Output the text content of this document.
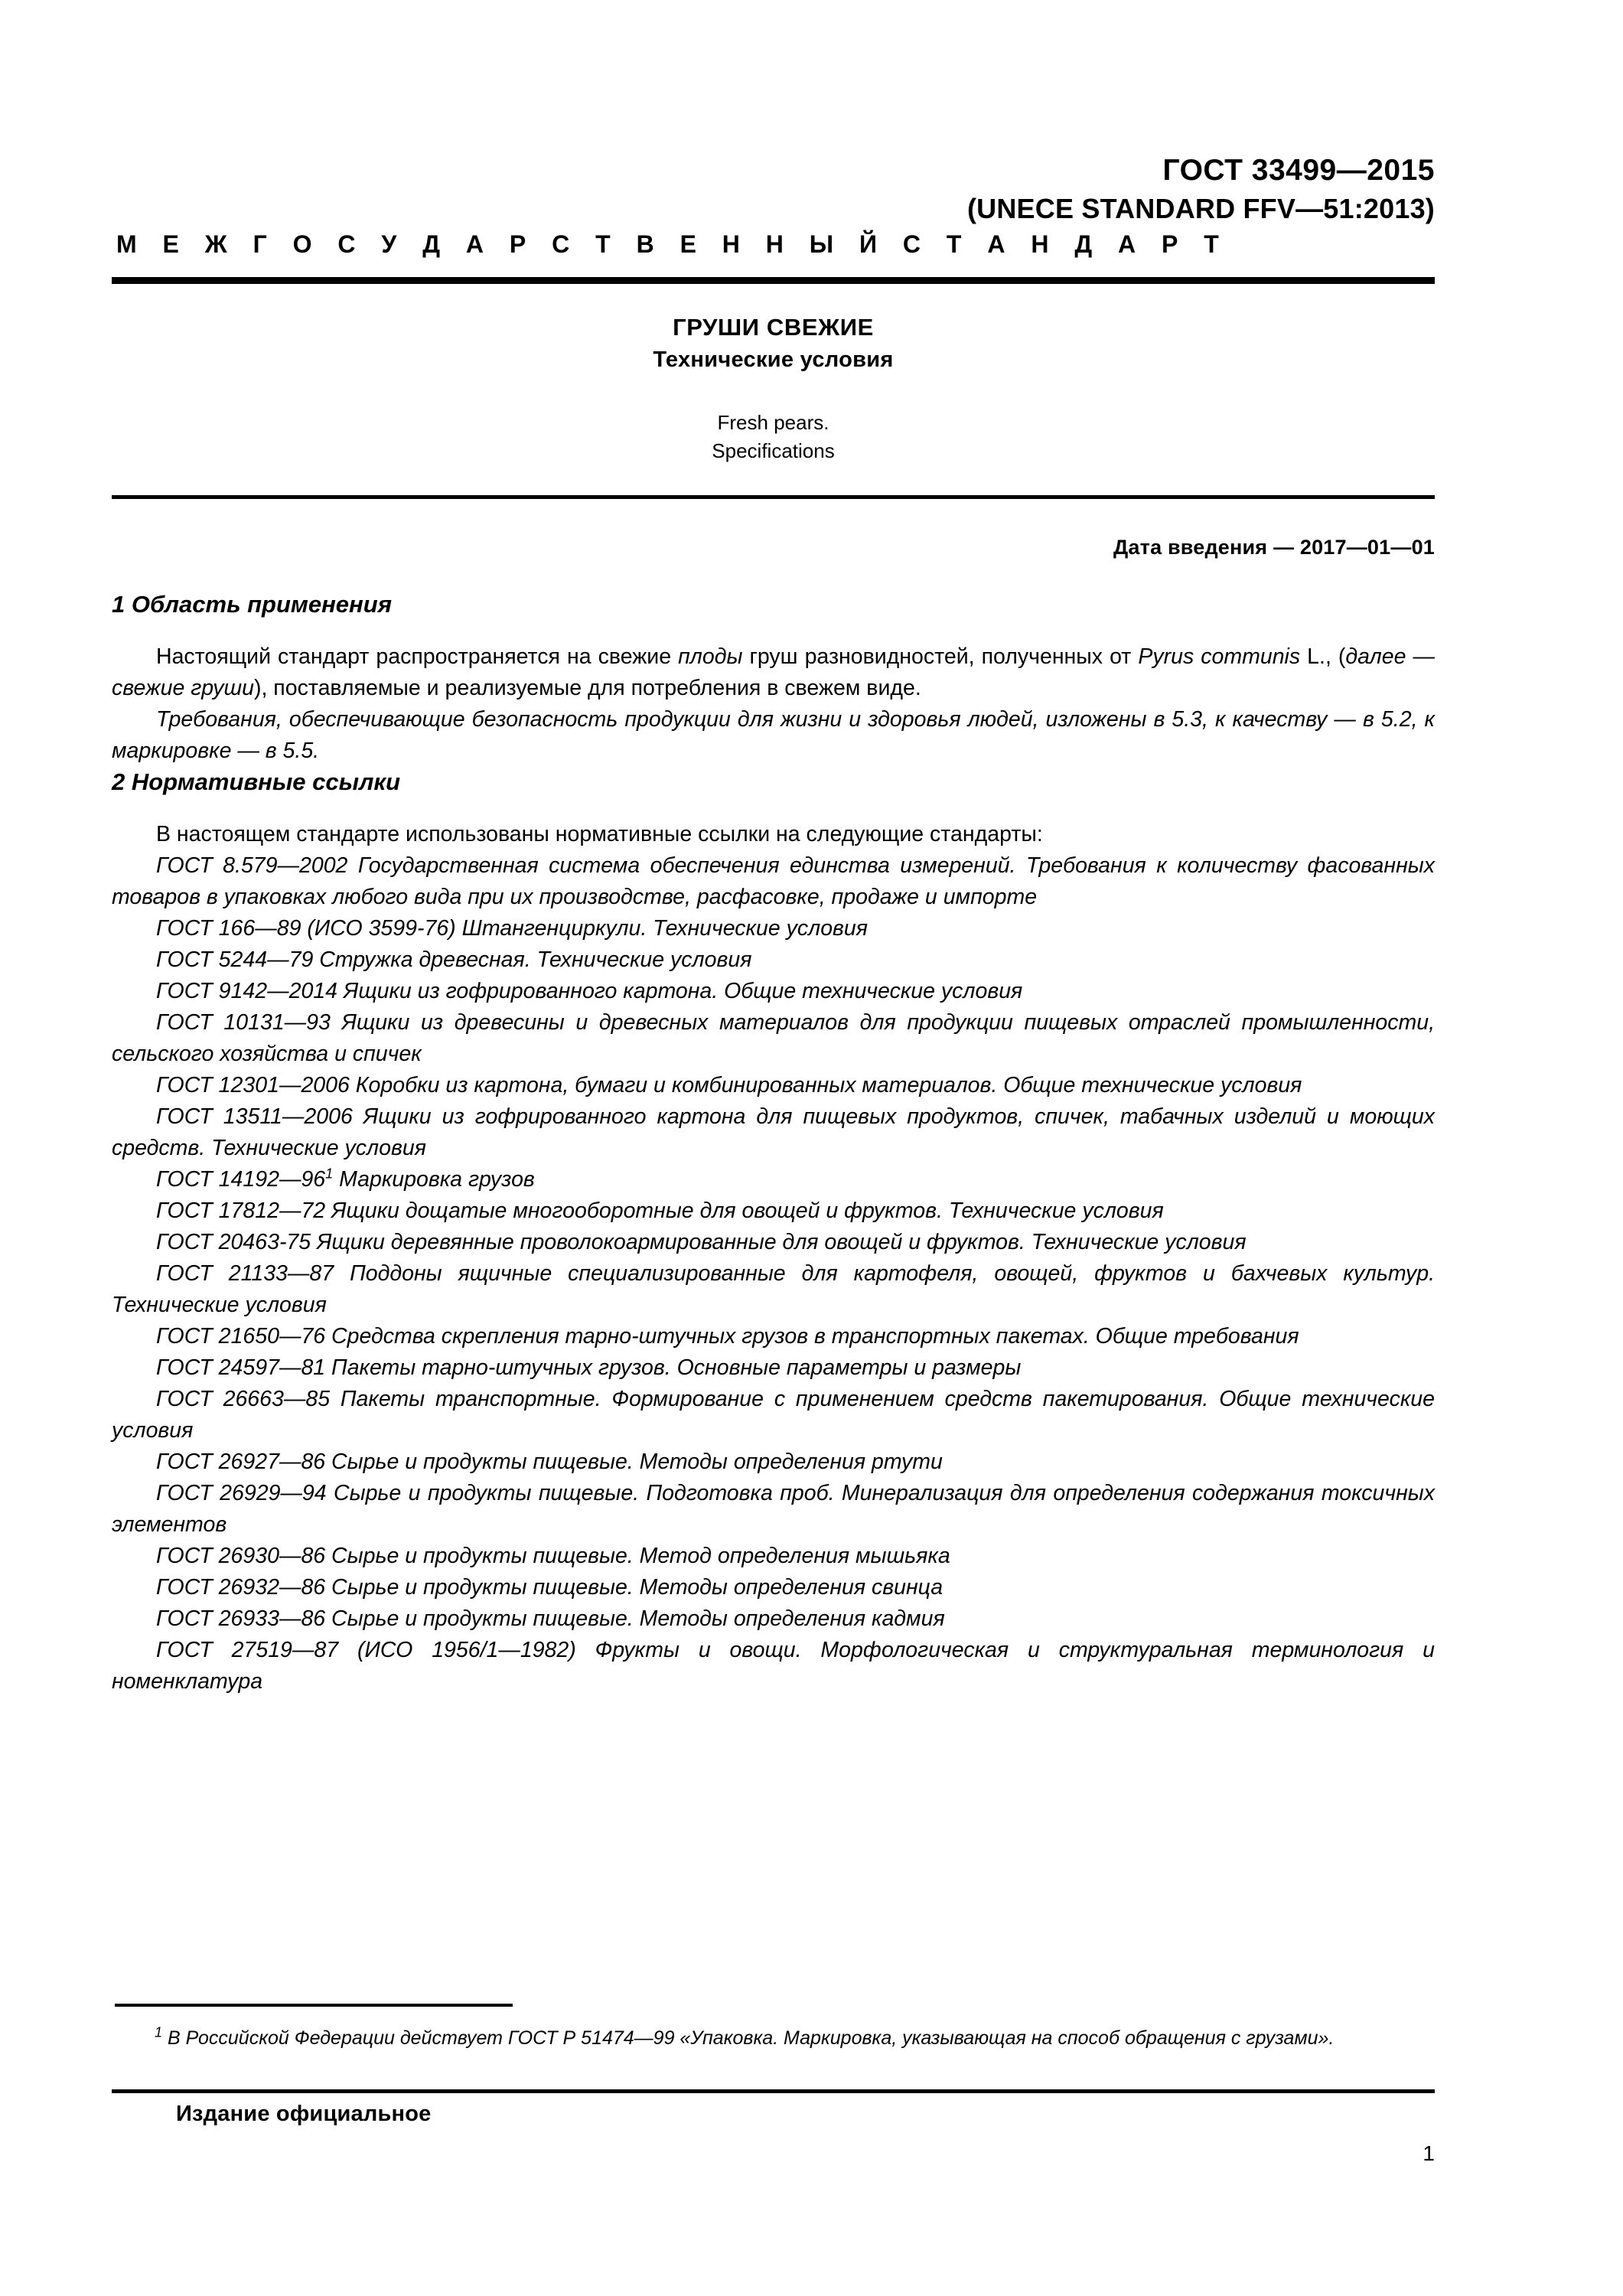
ГОСТ 33499—2015
(UNECE STANDARD FFV—51:2013)
М Е Ж Г О С У Д А Р С Т В Е Н Н Ы Й С Т А Н Д А Р Т
ГРУШИ СВЕЖИЕ
Технические условия
Fresh pears.
Specifications
Дата введения — 2017—01—01
1 Область применения

Настоящий стандарт распространяется на свежие плоды груш разновидностей, полученных от Pyrus communis L., (далее — свежие груши), поставляемые и реализуемые для потребления в свежем виде.

Требования, обеспечивающие безопасность продукции для жизни и здоровья людей, изложены в 5.3, к качеству — в 5.2, к маркировке — в 5.5.

2 Нормативные ссылки

В настоящем стандарте использованы нормативные ссылки на следующие стандарты:

ГОСТ 8.579—2002 Государственная система обеспечения единства измерений. Требования к количеству фасованных товаров в упаковках любого вида при их производстве, расфасовке, продаже и импорте

ГОСТ 166—89 (ИСО 3599-76) Штангенциркули. Технические условия

ГОСТ 5244—79 Стружка древесная. Технические условия

ГОСТ 9142—2014 Ящики из гофрированного картона. Общие технические условия

ГОСТ 10131—93 Ящики из древесины и древесных материалов для продукции пищевых отраслей промышленности, сельского хозяйства и спичек

ГОСТ 12301—2006 Коробки из картона, бумаги и комбинированных материалов. Общие технические условия

ГОСТ 13511—2006 Ящики из гофрированного картона для пищевых продуктов, спичек, табачных изделий и моющих средств. Технические условия

ГОСТ 14192—96$^1$ Маркировка грузов

ГОСТ 17812—72 Ящики дощатые многооборотные для овощей и фруктов. Технические условия

ГОСТ 20463-75 Ящики деревянные проволокоармированные для овощей и фруктов. Технические условия

ГОСТ 21133—87 Поддоны ящичные специализированные для картофеля, овощей, фруктов и бахчевых культур. Технические условия

ГОСТ 21650—76 Средства скрепления тарно-штучных грузов в транспортных пакетах. Общие требования

ГОСТ 24597—81 Пакеты тарно-штучных грузов. Основные параметры и размеры

ГОСТ 26663—85 Пакеты транспортные. Формирование с применением средств пакетирования. Общие технические условия

ГОСТ 26927—86 Сырье и продукты пищевые. Методы определения ртути

ГОСТ 26929—94 Сырье и продукты пищевые. Подготовка проб. Минерализация для определения содержания токсичных элементов

ГОСТ 26930—86 Сырье и продукты пищевые. Метод определения мышьяка

ГОСТ 26932—86 Сырье и продукты пищевые. Методы определения свинца

ГОСТ 26933—86 Сырье и продукты пищевые. Методы определения кадмия

ГОСТ 27519—87 (ИСО 1956/1—1982) Фрукты и овощи. Морфологическая и структуральная терминология и номенклатура

$^1$ В Российской Федерации действует ГОСТ Р 51474—99 «Упаковка. Маркировка, указывающая на способ обращения с грузами».
Издание официальное
1
